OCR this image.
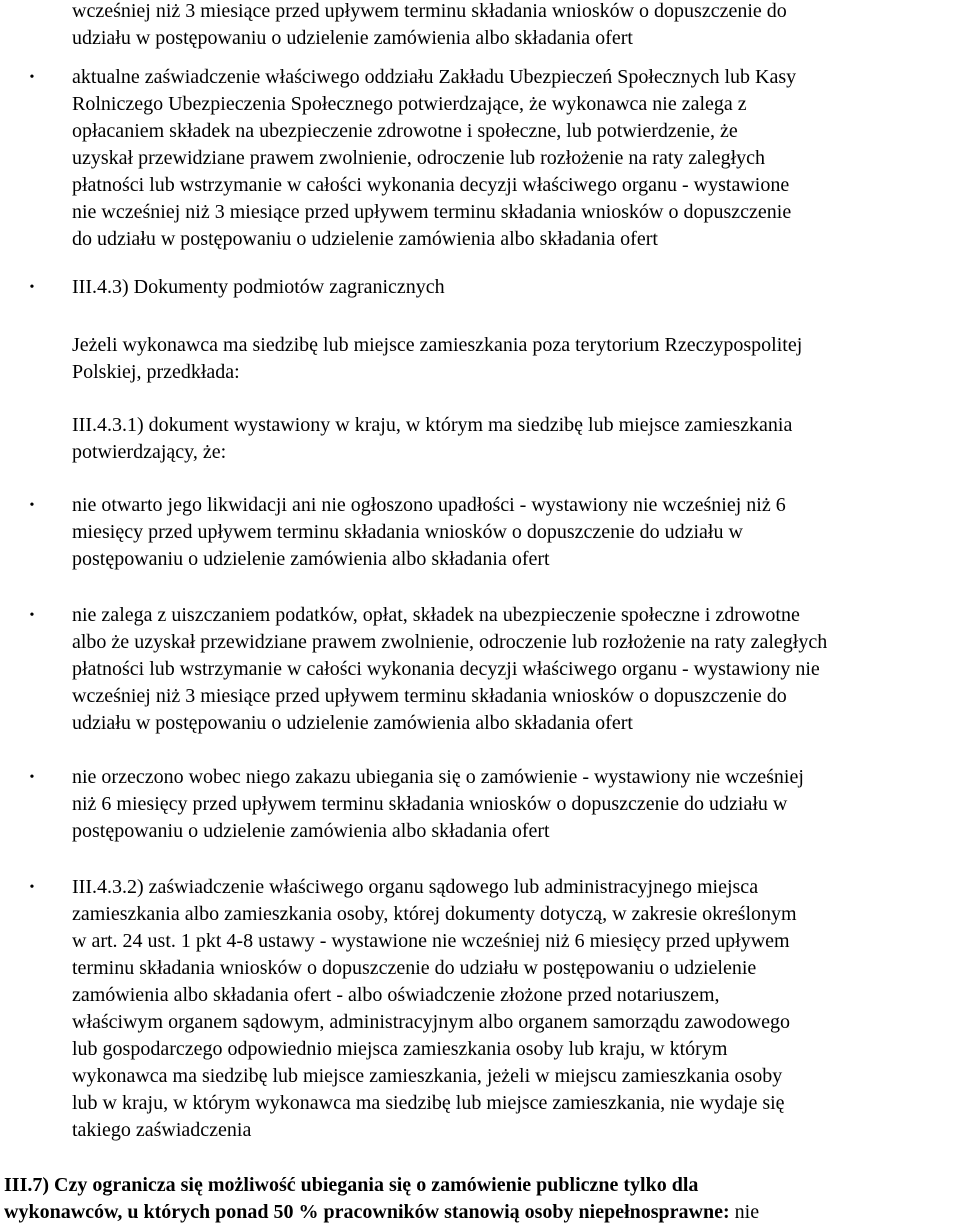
wcześniej niż 3 miesiące przed upływem terminu składania wniosków o dopuszczenie do
udziału w postępowaniu o udzielenie zamówienia albo składania ofert
• aktualne zaświadczenie właściwego oddziału Zakładu Ubezpieczeń Społecznych lub Kasy
Rolniczego Ubezpieczenia Społecznego potwierdzające, że wykonawca nie zalega z
opłacaniem składek na ubezpieczenie zdrowotne i społeczne, lub potwierdzenie, że
uzyskał przewidziane prawem zwolnienie, odroczenie lub rozłożenie na raty zaległych
płatności lub wstrzymanie w całości wykonania decyzji właściwego organu - wystawione
nie wcześniej niż 3 miesiące przed upływem terminu składania wniosków o dopuszczenie
do udziału w postępowaniu o udzielenie zamówienia albo składania ofert
• III.4.3) Dokumenty podmiotów zagranicznych
Jeżeli wykonawca ma siedzibę lub miejsce zamieszkania poza terytorium Rzeczypospolitej
Polskiej, przedkłada:
III.4.3.1) dokument wystawiony w kraju, w którym ma siedzibę lub miejsce zamieszkania
potwierdzający, że:
• nie otwarto jego likwidacji ani nie ogłoszono upadłości - wystawiony nie wcześniej niż 6
miesięcy przed upływem terminu składania wniosków o dopuszczenie do udziału w
postępowaniu o udzielenie zamówienia albo składania ofert
• nie zalega z uiszczaniem podatków, opłat, składek na ubezpieczenie społeczne i zdrowotne
albo że uzyskał przewidziane prawem zwolnienie, odroczenie lub rozłożenie na raty zaległych
płatności lub wstrzymanie w całości wykonania decyzji właściwego organu - wystawiony nie
wcześniej niż 3 miesiące przed upływem terminu składania wniosków o dopuszczenie do
udziału w postępowaniu o udzielenie zamówienia albo składania ofert
• nie orzeczono wobec niego zakazu ubiegania się o zamówienie - wystawiony nie wcześniej
niż 6 miesięcy przed upływem terminu składania wniosków o dopuszczenie do udziału w
postępowaniu o udzielenie zamówienia albo składania ofert
• III.4.3.2) zaświadczenie właściwego organu sądowego lub administracyjnego miejsca
zamieszkania albo zamieszkania osoby, której dokumenty dotyczą, w zakresie określonym
w art. 24 ust. 1 pkt 4-8 ustawy - wystawione nie wcześniej niż 6 miesięcy przed upływem
terminu składania wniosków o dopuszczenie do udziału w postępowaniu o udzielenie
zamówienia albo składania ofert - albo oświadczenie złożone przed notariuszem,
właściwym organem sądowym, administracyjnym albo organem samorządu zawodowego
lub gospodarczego odpowiednio miejsca zamieszkania osoby lub kraju, w którym
wykonawca ma siedzibę lub miejsce zamieszkania, jeżeli w miejscu zamieszkania osoby
lub w kraju, w którym wykonawca ma siedzibę lub miejsce zamieszkania, nie wydaje się
takiego zaświadczenia
III.7) Czy ogranicza się możliwość ubiegania się o zamówienie publiczne tylko dla
wykonawców, u których ponad 50 % pracowników stanowią osoby niepełnosprawne: nie
